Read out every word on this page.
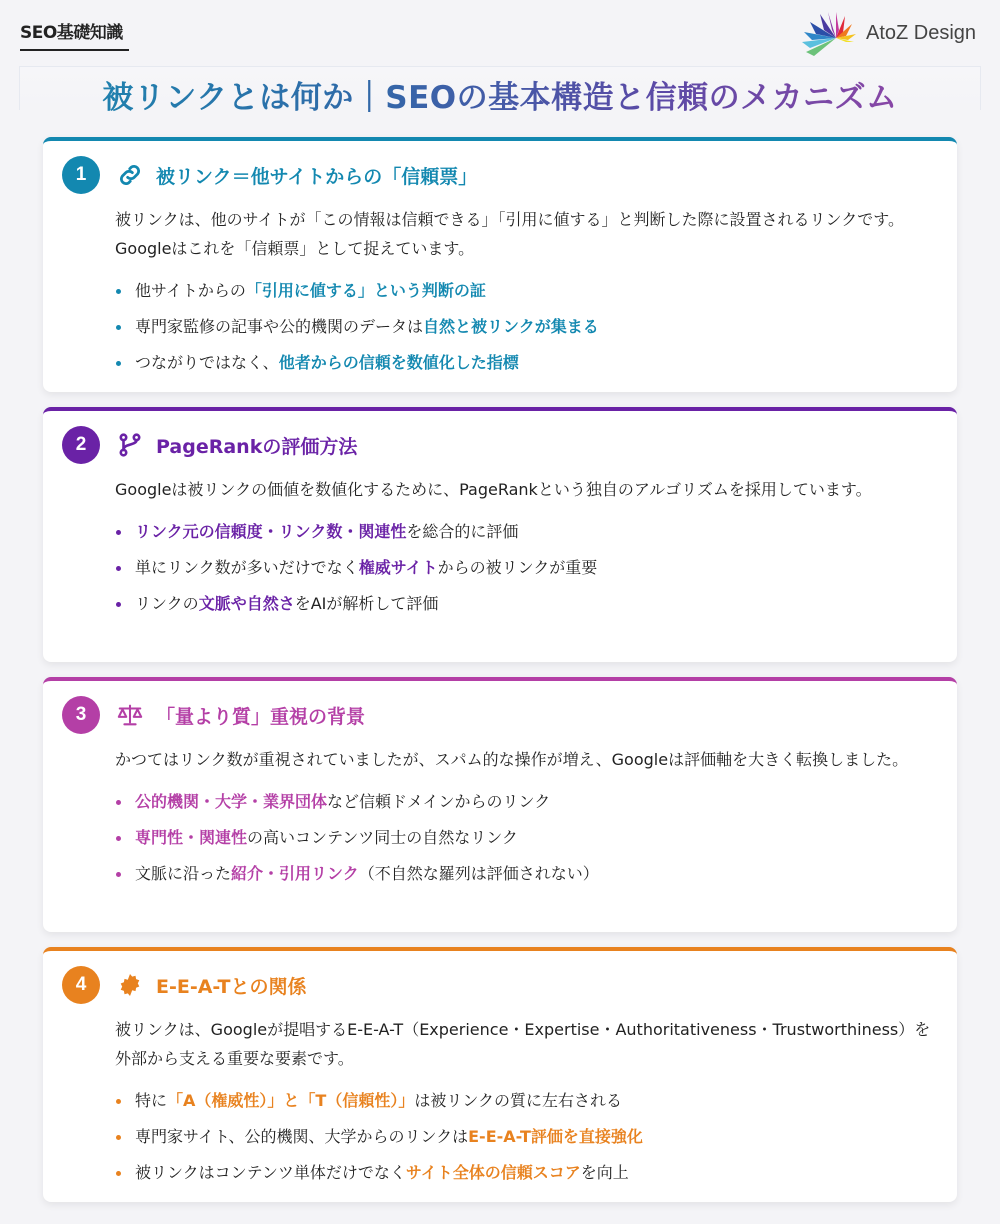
SEO基礎知識	AtoZ Design
被リンクとは何か｜SEOの基本構造と信頼のメカニズム
1	被リンク＝他サイトからの「信頼票」

被リンクは、他のサイトが「この情報は信頼できる」「引用に値する」と判断した際に設置されるリンクです。Googleはこれを「信頼票」として捉えています。

他サイトからの「引用に値する」という判断の証
専門家監修の記事や公的機関のデータは自然と被リンクが集まる
つながりではなく、他者からの信頼を数値化した指標
2	PageRankの評価方法

Googleは被リンクの価値を数値化するために、PageRankという独自のアルゴリズムを採用しています。

リンク元の信頼度・リンク数・関連性を総合的に評価
単にリンク数が多いだけでなく権威サイトからの被リンクが重要
リンクの文脈や自然さをAIが解析して評価
3	「量より質」重視の背景

かつてはリンク数が重視されていましたが、スパム的な操作が増え、Googleは評価軸を大きく転換しました。

公的機関・大学・業界団体など信頼ドメインからのリンク
専門性・関連性の高いコンテンツ同士の自然なリンク
文脈に沿った紹介・引用リンク（不自然な羅列は評価されない）
4	E-E-A-Tとの関係

被リンクは、Googleが提唱するE-E-A-T（Experience・Expertise・Authoritativeness・Trustworthiness）を外部から支える重要な要素です。

特に「A（権威性）」と「T（信頼性）」は被リンクの質に左右される
専門家サイト、公的機関、大学からのリンクはE-E-A-T評価を直接強化
被リンクはコンテンツ単体だけでなくサイト全体の信頼スコアを向上
